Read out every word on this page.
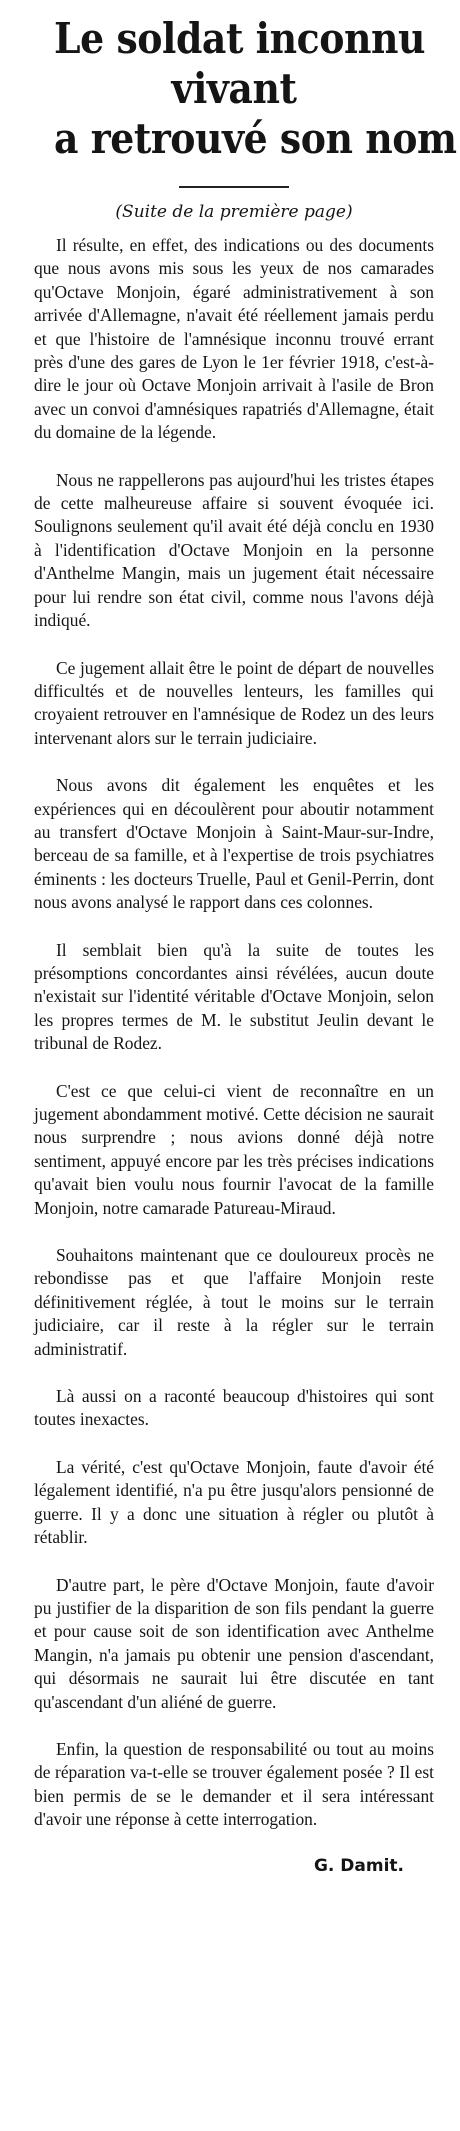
Le soldat inconnu
vivant
a retrouvé son nom
(Suite de la première page)

Il résulte, en effet, des indications ou des documents que nous avons mis sous les yeux de nos camarades qu'Octave Monjoin, égaré administrativement à son arrivée d'Allemagne, n'avait été réellement jamais perdu et que l'histoire de l'amnésique inconnu trouvé errant près d'une des gares de Lyon le 1er février 1918, c'est-à-dire le jour où Octave Monjoin arrivait à l'asile de Bron avec un convoi d'amnésiques rapatriés d'Allemagne, était du domaine de la légende.

Nous ne rappellerons pas aujourd'hui les tristes étapes de cette malheureuse affaire si souvent évoquée ici. Soulignons seulement qu'il avait été déjà conclu en 1930 à l'identification d'Octave Monjoin en la personne d'Anthelme Mangin, mais un jugement était nécessaire pour lui rendre son état civil, comme nous l'avons déjà indiqué.

Ce jugement allait être le point de départ de nouvelles difficultés et de nouvelles lenteurs, les familles qui croyaient retrouver en l'amnésique de Rodez un des leurs intervenant alors sur le terrain judiciaire.

Nous avons dit également les enquêtes et les expériences qui en découlèrent pour aboutir notamment au transfert d'Octave Monjoin à Saint-Maur-sur-Indre, berceau de sa famille, et à l'expertise de trois psychiatres éminents : les docteurs Truelle, Paul et Genil-Perrin, dont nous avons analysé le rapport dans ces colonnes.

Il semblait bien qu'à la suite de toutes les présomptions concordantes ainsi révélées, aucun doute n'existait sur l'identité véritable d'Octave Monjoin, selon les propres termes de M. le substitut Jeulin devant le tribunal de Rodez.

C'est ce que celui-ci vient de reconnaître en un jugement abondamment motivé. Cette décision ne saurait nous surprendre ; nous avions donné déjà notre sentiment, appuyé encore par les très précises indications qu'avait bien voulu nous fournir l'avocat de la famille Monjoin, notre camarade Patureau-Miraud.

Souhaitons maintenant que ce douloureux procès ne rebondisse pas et que l'affaire Monjoin reste définitivement réglée, à tout le moins sur le terrain judiciaire, car il reste à la régler sur le terrain administratif.

Là aussi on a raconté beaucoup d'histoires qui sont toutes inexactes.

La vérité, c'est qu'Octave Monjoin, faute d'avoir été légalement identifié, n'a pu être jusqu'alors pensionné de guerre. Il y a donc une situation à régler ou plutôt à rétablir.

D'autre part, le père d'Octave Monjoin, faute d'avoir pu justifier de la disparition de son fils pendant la guerre et pour cause soit de son identification avec Anthelme Mangin, n'a jamais pu obtenir une pension d'ascendant, qui désormais ne saurait lui être discutée en tant qu'ascendant d'un aliéné de guerre.

Enfin, la question de responsabilité ou tout au moins de réparation va-t-elle se trouver également posée ? Il est bien permis de se le demander et il sera intéressant d'avoir une réponse à cette interrogation.

G. Damit.
